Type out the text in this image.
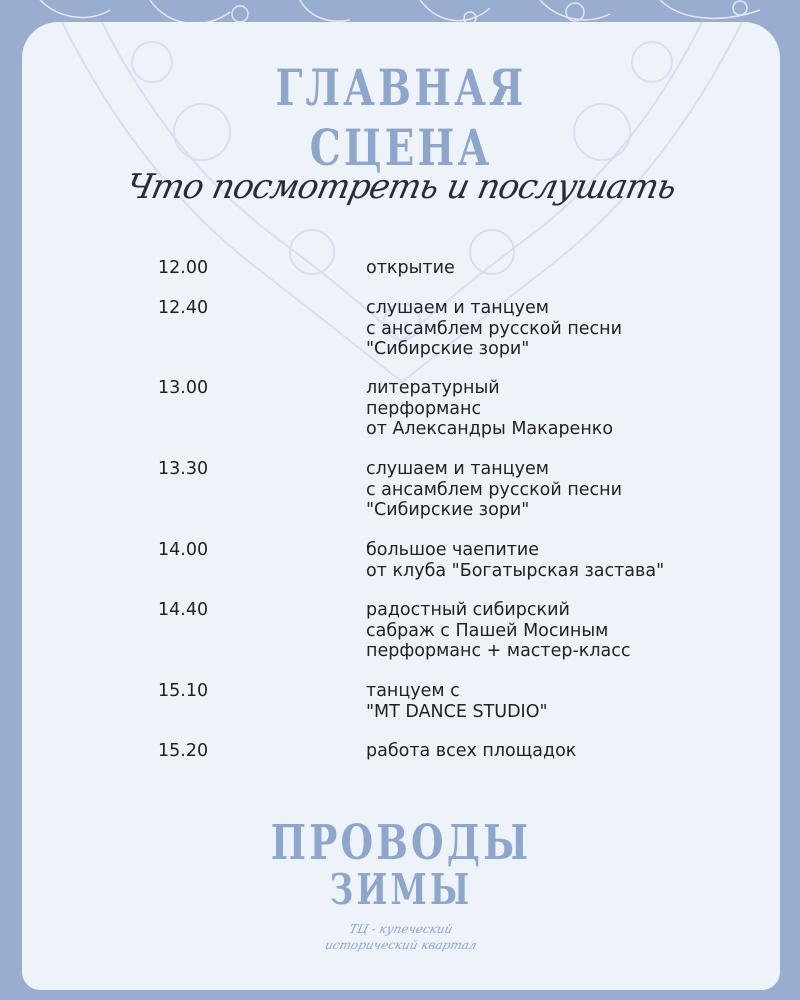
ГЛАВНАЯ
СЦЕНА
Что посмотреть и послушать
12.00	открытие
12.40	слушаем и танцуем
с ансамблем русской песни
"Сибирские зори"
13.00	литературный
перформанс
от Александры Макаренко
13.30	слушаем и танцуем
с ансамблем русской песни
"Сибирские зори"
14.00	большое чаепитие
от клуба "Богатырская застава"
14.40	радостный сибирский
сабраж с Пашей Мосиным
перформанс + мастер-класс
15.10	танцуем с
"MT DANCE STUDIO"
15.20	работа всех площадок
ПРОВОДЫ
ЗИМЫ
ТЦ - купеческий
исторический квартал
